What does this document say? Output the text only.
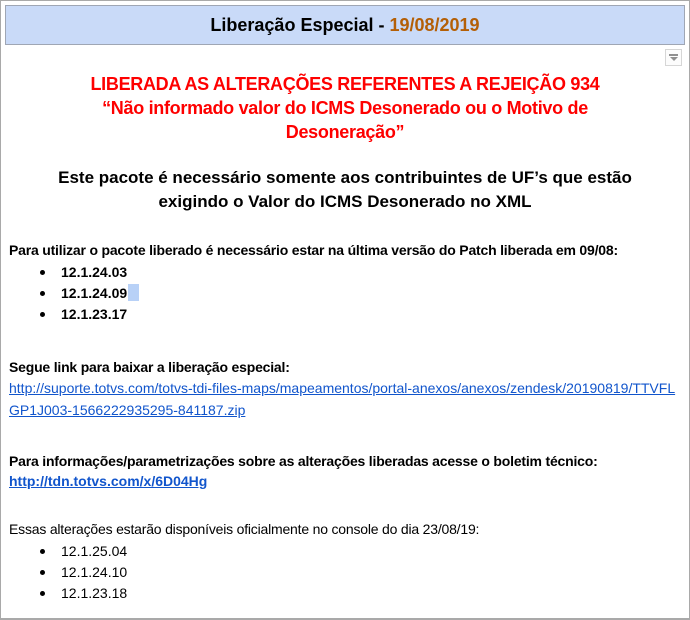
Liberação Especial - 19/08/2019
LIBERADA AS ALTERAÇÕES REFERENTES A REJEIÇÃO 934
“Não informado valor do ICMS Desonerado ou o Motivo de Desoneração”

Este pacote é necessário somente aos contribuintes de UF’s que estão exigindo o Valor do ICMS Desonerado no XML

Para utilizar o pacote liberado é necessário estar na última versão do Patch liberada em 09/08:

12.1.24.03
12.1.24.09
12.1.23.17

Segue link para baixar a liberação especial:

http://suporte.totvs.com/totvs-tdi-files-maps/mapeamentos/portal-anexos/anexos/zendesk/20190819/TTVFLGP1J003-1566222935295-841187.zip

Para informações/parametrizações sobre as alterações liberadas acesse o boletim técnico:

http://tdn.totvs.com/x/6D04Hg

Essas alterações estarão disponíveis oficialmente no console do dia 23/08/19:

12.1.25.04
12.1.24.10
12.1.23.18
